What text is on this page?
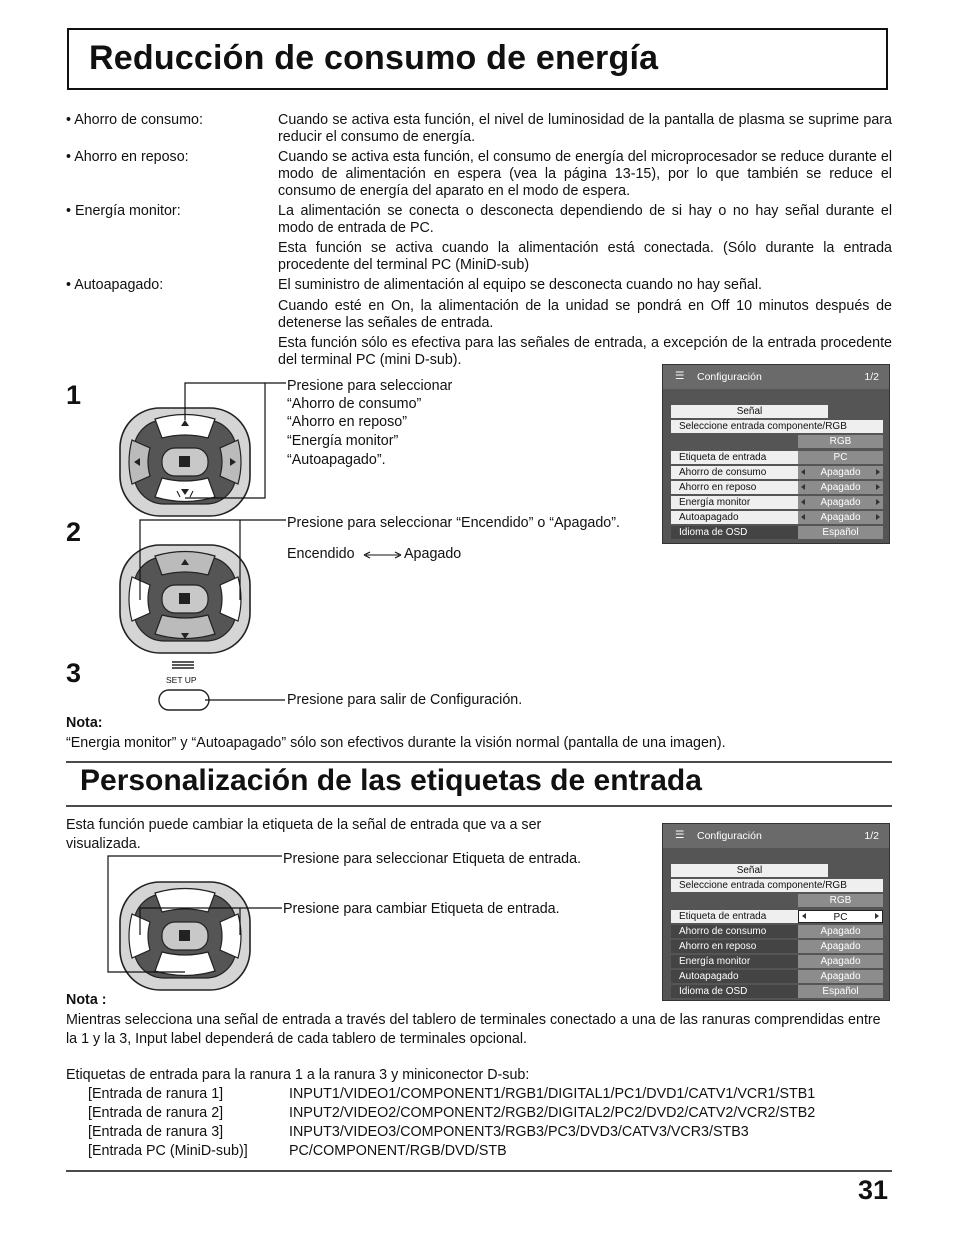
Reducción de consumo de energía
• Ahorro de consumo:	Cuando se activa esta función, el nivel de luminosidad de la pantalla de plasma se suprime para reducir el consumo de energía.
• Ahorro en reposo:	Cuando se activa esta función, el consumo de energía del microprocesador se reduce durante el modo de alimentación en espera (vea la página 13-15), por lo que también se reduce el consumo de energía del aparato en el modo de espera.
• Energía monitor:	La alimentación se conecta o desconecta dependiendo de si hay o no hay señal durante el modo de entrada de PC.
Esta función se activa cuando la alimentación está conectada. (Sólo durante la entrada procedente del terminal PC (MiniD-sub)
• Autoapagado:	El suministro de alimentación al equipo se desconecta cuando no hay señal.
Cuando esté en On, la alimentación de la unidad se pondrá en Off 10 minutos después de detenerse las señales de entrada.
Esta función sólo es efectiva para las señales de entrada, a excepción de la entrada procedente del terminal PC (mini D-sub).
1
2
3
Presione para seleccionar
“Ahorro de consumo”
“Ahorro en reposo”
“Energía monitor”
“Autoapagado”.
Presione para seleccionar “Encendido” o “Apagado”.
Encendido	Apagado
SET UP
Presione para salir de Configuración.
☰ Configuración	1/2
Señal
Seleccione entrada componente/RGB
RGB
Etiqueta de entrada	PC
Ahorro de consumo	Apagado
Ahorro en reposo	Apagado
Energía monitor	Apagado
Autoapagado	Apagado
Idioma de OSD	Español
Nota:
“Energia monitor” y “Autoapagado” sólo son efectivos durante la visión normal (pantalla de una imagen).
Personalización de las etiquetas de entrada
Esta función puede cambiar la etiqueta de la señal de entrada que va a ser visualizada.
Presione para seleccionar Etiqueta de entrada.
Presione para cambiar Etiqueta de entrada.
☰ Configuración	1/2
Señal
Seleccione entrada componente/RGB
RGB
Etiqueta de entrada	PC
Ahorro de consumo	Apagado
Ahorro en reposo	Apagado
Energía monitor	Apagado
Autoapagado	Apagado
Idioma de OSD	Español
Nota :
Mientras selecciona una señal de entrada a través del tablero de terminales conectado a una de las ranuras comprendidas entre la 1 y la 3, Input label dependerá de cada tablero de terminales opcional.
Etiquetas de entrada para la ranura 1 a la ranura 3 y miniconector D-sub:
[Entrada de ranura 1]	INPUT1/VIDEO1/COMPONENT1/RGB1/DIGITAL1/PC1/DVD1/CATV1/VCR1/STB1
[Entrada de ranura 2]	INPUT2/VIDEO2/COMPONENT2/RGB2/DIGITAL2/PC2/DVD2/CATV2/VCR2/STB2
[Entrada de ranura 3]	INPUT3/VIDEO3/COMPONENT3/RGB3/PC3/DVD3/CATV3/VCR3/STB3
[Entrada PC (MiniD-sub)]	PC/COMPONENT/RGB/DVD/STB
31
